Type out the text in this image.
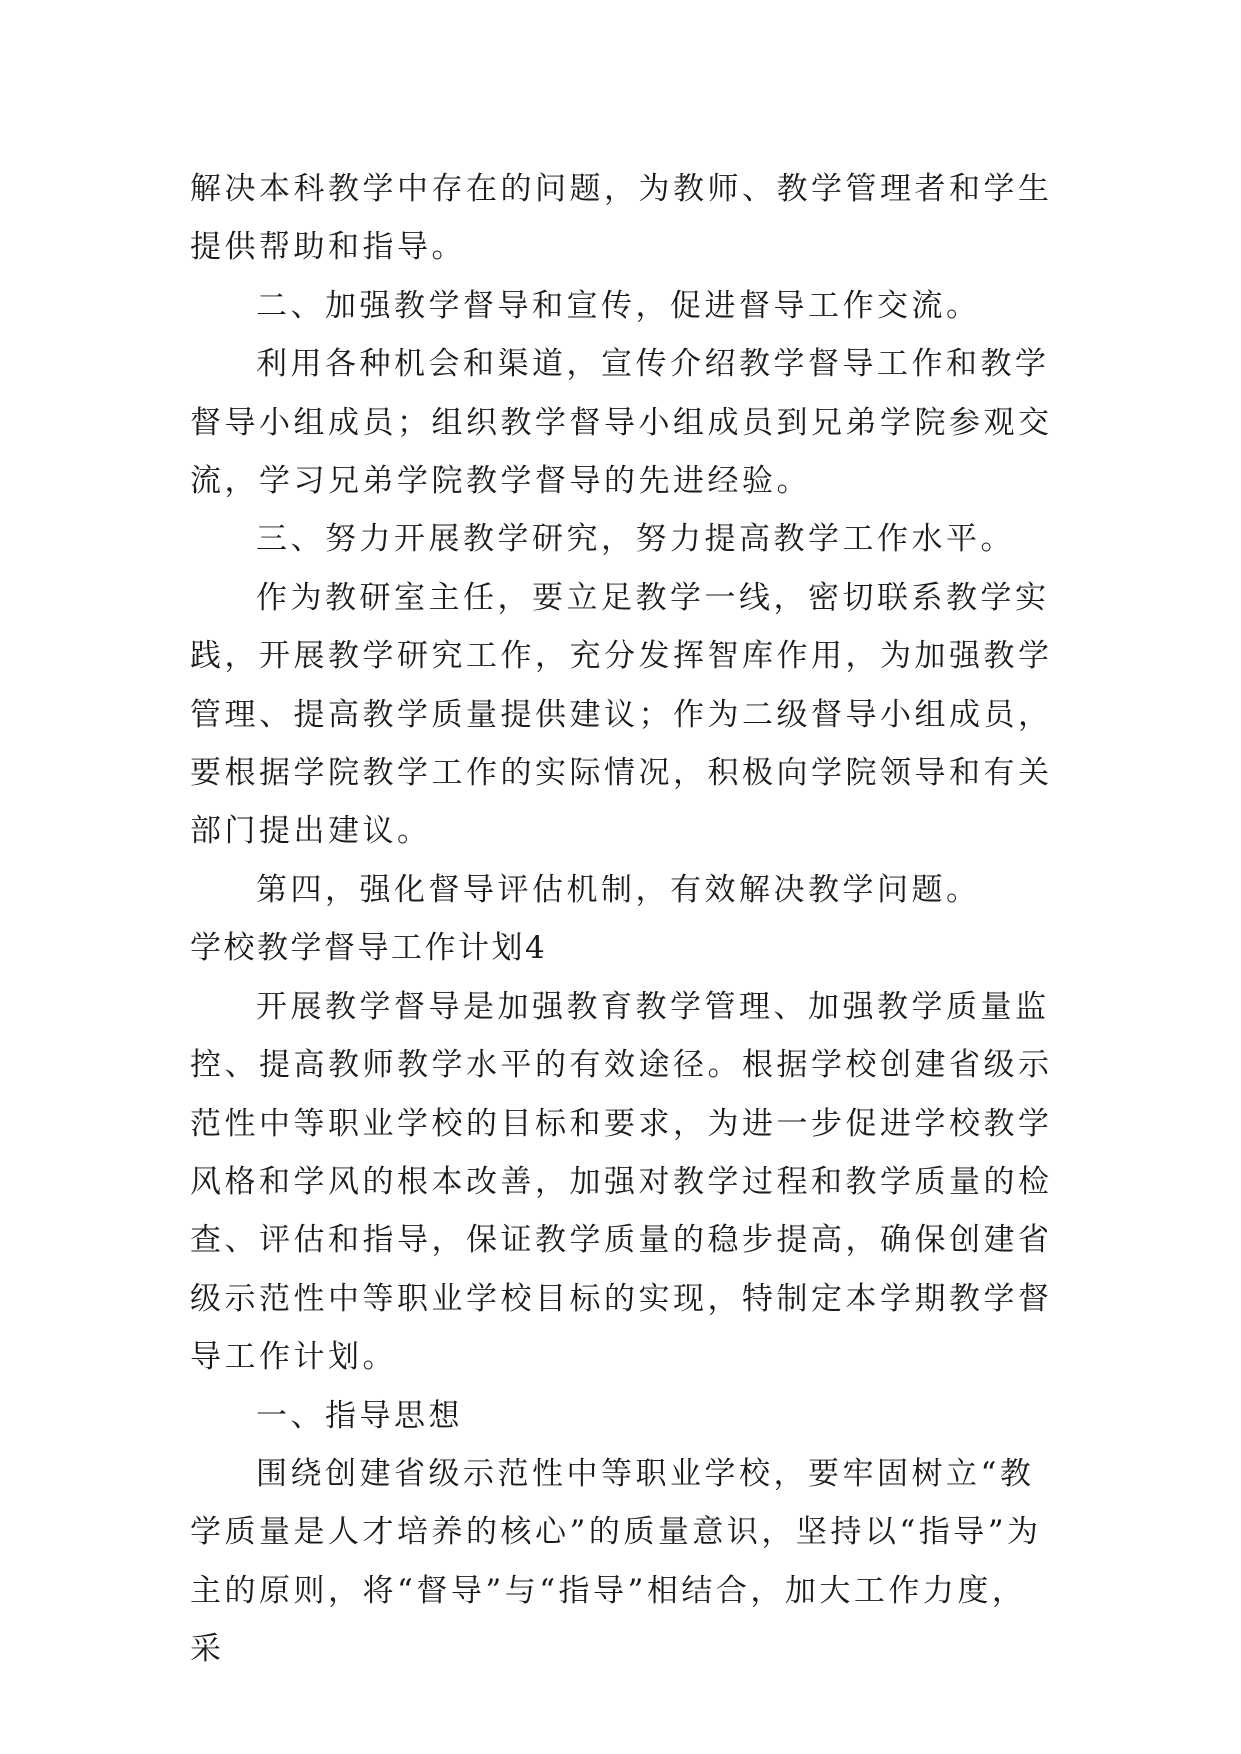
解决本科教学中存在的问题，为教师、教学管理者和学生提供帮助和指导。

二、加强教学督导和宣传，促进督导工作交流。

利用各种机会和渠道，宣传介绍教学督导工作和教学督导小组成员；组织教学督导小组成员到兄弟学院参观交流，学习兄弟学院教学督导的先进经验。

三、努力开展教学研究，努力提高教学工作水平。

作为教研室主任，要立足教学一线，密切联系教学实践，开展教学研究工作，充分发挥智库作用，为加强教学管理、提高教学质量提供建议；作为二级督导小组成员，要根据学院教学工作的实际情况，积极向学院领导和有关部门提出建议。

第四，强化督导评估机制，有效解决教学问题。

学校教学督导工作计划4

开展教学督导是加强教育教学管理、加强教学质量监控、提高教师教学水平的有效途径。根据学校创建省级示范性中等职业学校的目标和要求，为进一步促进学校教学风格和学风的根本改善，加强对教学过程和教学质量的检查、评估和指导，保证教学质量的稳步提高，确保创建省级示范性中等职业学校目标的实现，特制定本学期教学督导工作计划。

一、指导思想

围绕创建省级示范性中等职业学校，要牢固树立“教学质量是人才培养的核心”的质量意识，坚持以“指导”为主的原则，将“督导”与“指导”相结合，加大工作力度，采
